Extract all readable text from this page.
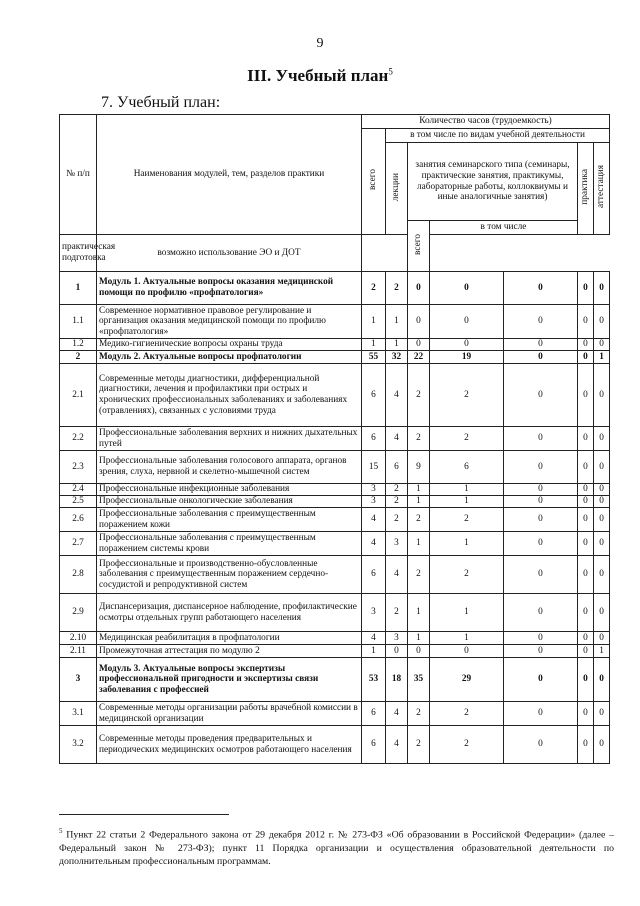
9
III. Учебный план$^5$
7. Учебный план:
№ п/п	Наименования модулей, тем, разделов практики	Количество часов (трудоемкость)						
		всего	в том числе по видам учебной деятельности					
			лекции	занятия семинарского типа (семинары, практические занятия, практикумы, лабораторные работы, коллоквиумы и иные аналогичные занятия)			практика	аттестация
				всего	в том числе			
практическая подготовка	возможно использование ЭО и ДОТ							
1	Модуль 1. Актуальные вопросы оказания медицинской помощи по профилю «профпатология»	2	2	0	0	0	0	0
1.1	Современное нормативное правовое регулирование и организация оказания медицинской помощи по профилю «профпатология»	1	1	0	0	0	0	0
1.2	Медико-гигиенические вопросы охраны труда	1	1	0	0	0	0	0
2	Модуль 2. Актуальные вопросы профпатологии	55	32	22	19	0	0	1
2.1	Современные методы диагностики, дифференциальной диагностики, лечения и профилактики при острых и хронических профессиональных заболеваниях и заболеваниях (отравлениях), связанных с условиями труда	6	4	2	2	0	0	0
2.2	Профессиональные заболевания верхних и нижних дыхательных путей	6	4	2	2	0	0	0
2.3	Профессиональные заболевания голосового аппарата, органов зрения, слуха, нервной и скелетно-мышечной систем	15	6	9	6	0	0	0
2.4	Профессиональные инфекционные заболевания	3	2	1	1	0	0	0
2.5	Профессиональные онкологические заболевания	3	2	1	1	0	0	0
2.6	Профессиональные заболевания с преимущественным поражением кожи	4	2	2	2	0	0	0
2.7	Профессиональные заболевания с преимущественным поражением системы крови	4	3	1	1	0	0	0
2.8	Профессиональные и производственно-обусловленные заболевания с преимущественным поражением сердечно-сосудистой и репродуктивной систем	6	4	2	2	0	0	0
2.9	Диспансеризация, диспансерное наблюдение, профилактические осмотры отдельных групп работающего населения	3	2	1	1	0	0	0
2.10	Медицинская реабилитация в профпатологии	4	3	1	1	0	0	0
2.11	Промежуточная аттестация по модулю 2	1	0	0	0	0	0	1
3	Модуль 3. Актуальные вопросы экспертизы профессиональной пригодности и экспертизы связи заболевания с профессией	53	18	35	29	0	0	0
3.1	Современные методы организации работы врачебной комиссии в медицинской организации	6	4	2	2	0	0	0
3.2	Современные методы проведения предварительных и периодических медицинских осмотров работающего населения	6	4	2	2	0	0	0
$^5$ Пункт 22 статьи 2 Федерального закона от 29 декабря 2012 г. № 273-ФЗ «Об образовании в Российской Федерации» (далее – Федеральный закон № 273-ФЗ); пункт 11 Порядка организации и осуществления образовательной деятельности по дополнительным профессиональным программам.
